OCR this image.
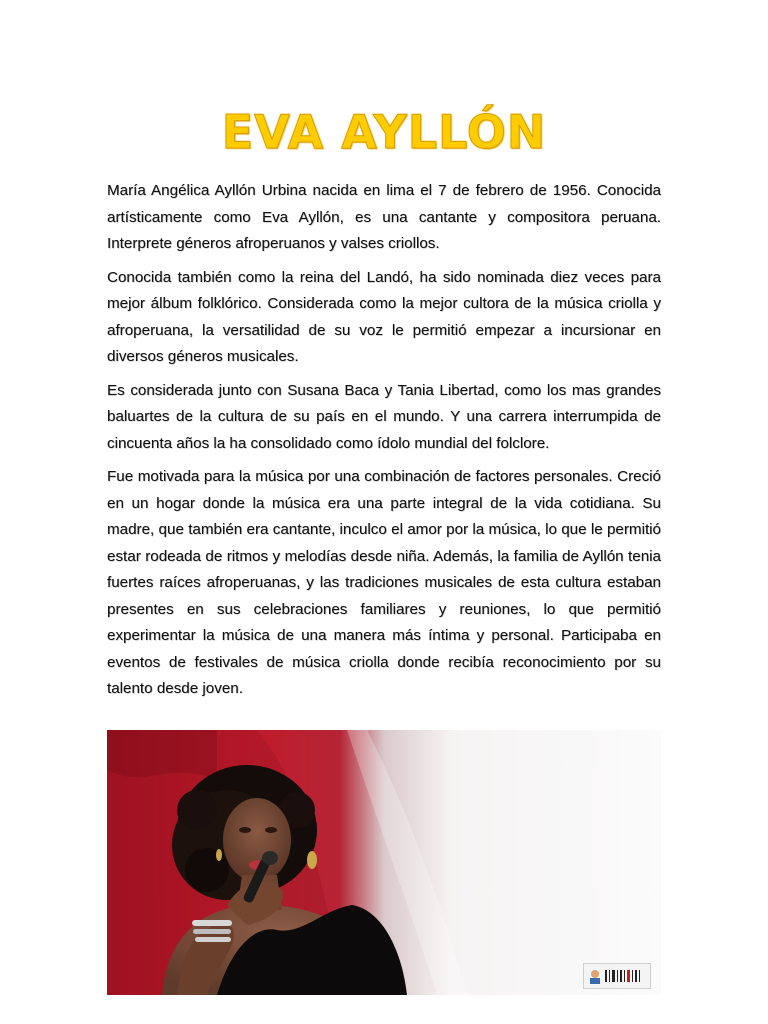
EVA AYLLÓN

María Angélica Ayllón Urbina nacida en lima el 7 de febrero de 1956. Conocida artísticamente como Eva Ayllón, es una cantante y compositora peruana. Interprete géneros afroperuanos y valses criollos.

Conocida también como la reina del Landó, ha sido nominada diez veces para mejor álbum folklórico. Considerada como la mejor cultora de la música criolla y afroperuana, la versatilidad de su voz le permitió empezar a incursionar en diversos géneros musicales.

Es considerada junto con Susana Baca y Tania Libertad, como los mas grandes baluartes de la cultura de su país en el mundo. Y una carrera interrumpida de cincuenta años la ha consolidado como ídolo mundial del folclore.

Fue motivada para la música por una combinación de factores personales. Creció en un hogar donde la música era una parte integral de la vida cotidiana. Su madre, que también era cantante, inculco el amor por la música, lo que le permitió estar rodeada de ritmos y melodías desde niña. Además, la familia de Ayllón tenia fuertes raíces afroperuanas, y las tradiciones musicales de esta cultura estaban presentes en sus celebraciones familiares y reuniones, lo que permitió experimentar la música de una manera más íntima y personal. Participaba en eventos de festivales de música criolla donde recibía reconocimiento por su talento desde joven.
